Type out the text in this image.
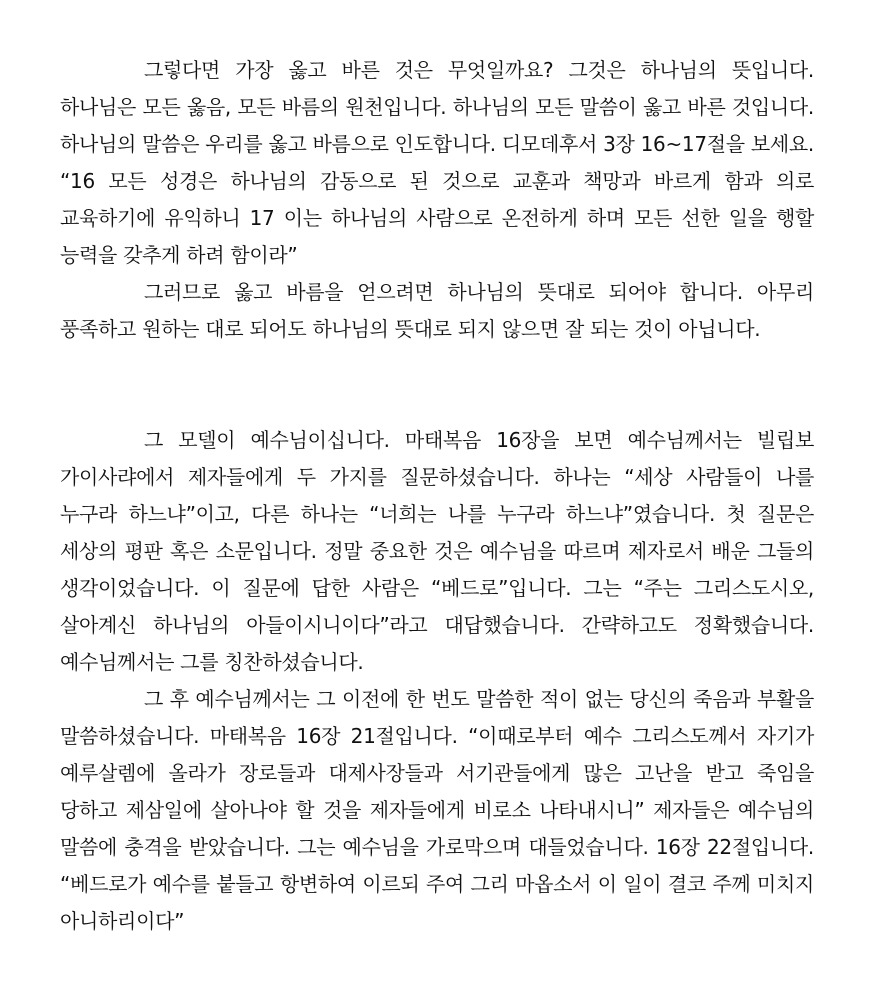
그렇다면 가장 옳고 바른 것은 무엇일까요? 그것은 하나님의 뜻입니다. 하나님은 모든 옳음, 모든 바름의 원천입니다. 하나님의 모든 말씀이 옳고 바른 것입니다. 하나님의 말씀은 우리를 옳고 바름으로 인도합니다. 디모데후서 3장 16~17절을 보세요. “16 모든 성경은 하나님의 감동으로 된 것으로 교훈과 책망과 바르게 함과 의로 교육하기에 유익하니 17 이는 하나님의 사람으로 온전하게 하며 모든 선한 일을 행할 능력을 갖추게 하려 함이라”

그러므로 옳고 바름을 얻으려면 하나님의 뜻대로 되어야 합니다. 아무리 풍족하고 원하는 대로 되어도 하나님의 뜻대로 되지 않으면 잘 되는 것이 아닙니다.

그 모델이 예수님이십니다. 마태복음 16장을 보면 예수님께서는 빌립보 가이사랴에서 제자들에게 두 가지를 질문하셨습니다. 하나는 “세상 사람들이 나를 누구라 하느냐”이고, 다른 하나는 “너희는 나를 누구라 하느냐”였습니다. 첫 질문은 세상의 평판 혹은 소문입니다. 정말 중요한 것은 예수님을 따르며 제자로서 배운 그들의 생각이었습니다. 이 질문에 답한 사람은 “베드로”입니다. 그는 “주는 그리스도시오, 살아계신 하나님의 아들이시니이다”라고 대답했습니다. 간략하고도 정확했습니다. 예수님께서는 그를 칭찬하셨습니다.

그 후 예수님께서는 그 이전에 한 번도 말씀한 적이 없는 당신의 죽음과 부활을 말씀하셨습니다. 마태복음 16장 21절입니다. “이때로부터 예수 그리스도께서 자기가 예루살렘에 올라가 장로들과 대제사장들과 서기관들에게 많은 고난을 받고 죽임을 당하고 제삼일에 살아나야 할 것을 제자들에게 비로소 나타내시니” 제자들은 예수님의 말씀에 충격을 받았습니다. 그는 예수님을 가로막으며 대들었습니다. 16장 22절입니다. “베드로가 예수를 붙들고 항변하여 이르되 주여 그리 마옵소서 이 일이 결코 주께 미치지 아니하리이다”
